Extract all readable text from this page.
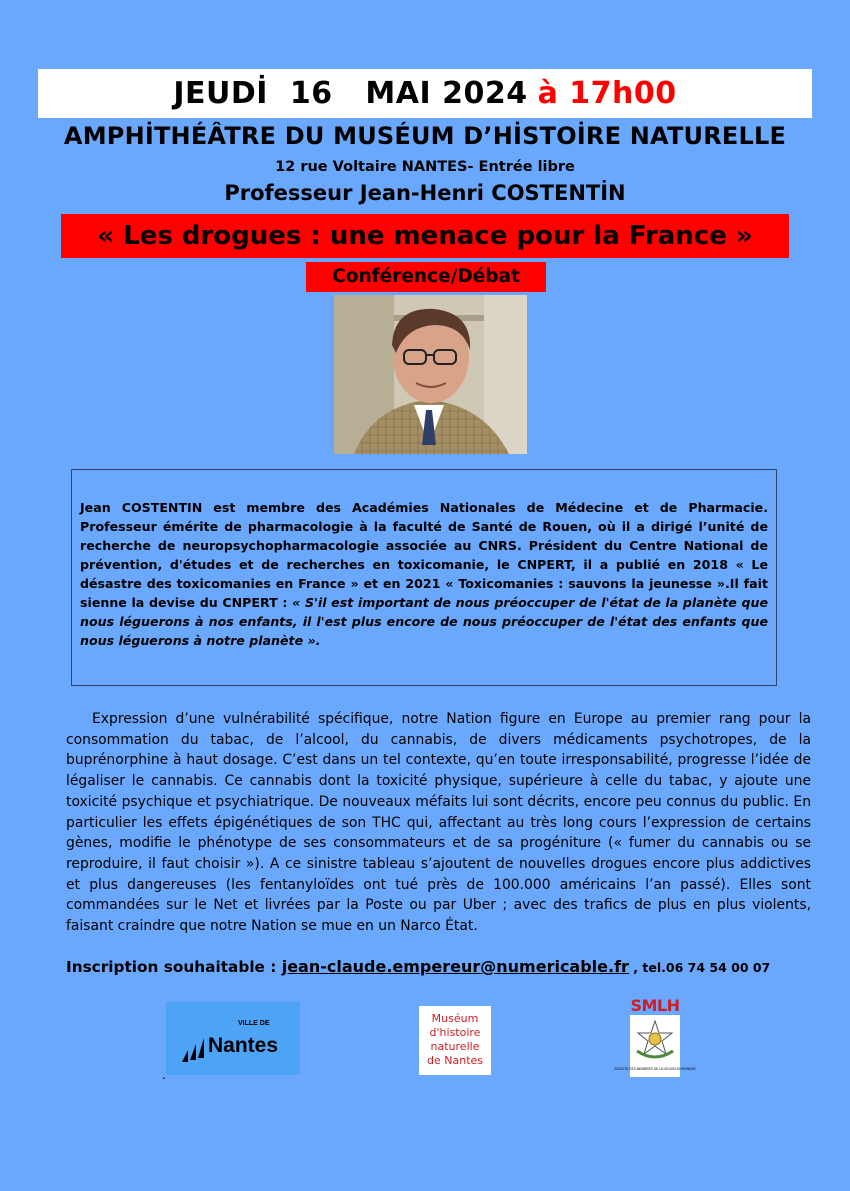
JEUDİ  16   MAI 2024 à 17h00
AMPHİTHÉÂTRE DU MUSÉUM D’HİSTOİRE NATURELLE
12 rue Voltaire NANTES- Entrée libre
Professeur Jean-Henri COSTENTİN
« Les drogues : une menace pour la France »
Conférence/Débat
Jean COSTENTIN est membre des Académies Nationales de Médecine et de Pharmacie. Professeur émérite de pharmacologie à la faculté de Santé de Rouen, où il a dirigé l’unité de recherche de neuropsychopharmacologie associée au CNRS. Président du Centre National de prévention, d'études et de recherches en toxicomanie, le CNPERT, il a publié en 2018 « Le désastre des toxicomanies en France » et en 2021 « Toxicomanies : sauvons la jeunesse ».Il fait sienne la devise du CNPERT : « S'il est important de nous préoccuper de l'état de la planète que nous léguerons à nos enfants, il l'est plus encore de nous préoccuper de l'état des enfants que nous léguerons à notre planète ».

Expression d’une vulnérabilité spécifique, notre Nation figure en Europe au premier rang pour la consommation du tabac, de l’alcool, du cannabis, de divers médicaments psychotropes, de la buprénorphine à haut dosage. C’est dans un tel contexte, qu’en toute irresponsabilité, progresse l’idée de légaliser le cannabis. Ce cannabis dont la toxicité physique, supérieure à celle du tabac, y ajoute une toxicité psychique et psychiatrique. De nouveaux méfaits lui sont décrits, encore peu connus du public. En particulier les effets épigénétiques de son THC qui, affectant au très long cours l’expression de certains gènes, modifie le phénotype de ses consommateurs et de sa progéniture (« fumer du cannabis ou se reproduire, il faut choisir »). A ce sinistre tableau s’ajoutent de nouvelles drogues encore plus addictives et plus dangereuses (les fentanyloïdes ont tué près de 100.000 américains l’an passé). Elles sont commandées sur le Net et livrées par la Poste ou par Uber ; avec des trafics de plus en plus violents, faisant craindre que notre Nation se mue en un Narco État.

Inscription souhaitable : jean-claude.empereur@numericable.fr , tel.06 74 54 00 07
VILLE DE
Nantes
.
Muséum
d'histoire
naturelle
de Nantes
SMLH
SOCIETE DES MEMBRES DE LA LÉGION D'HONNEUR
